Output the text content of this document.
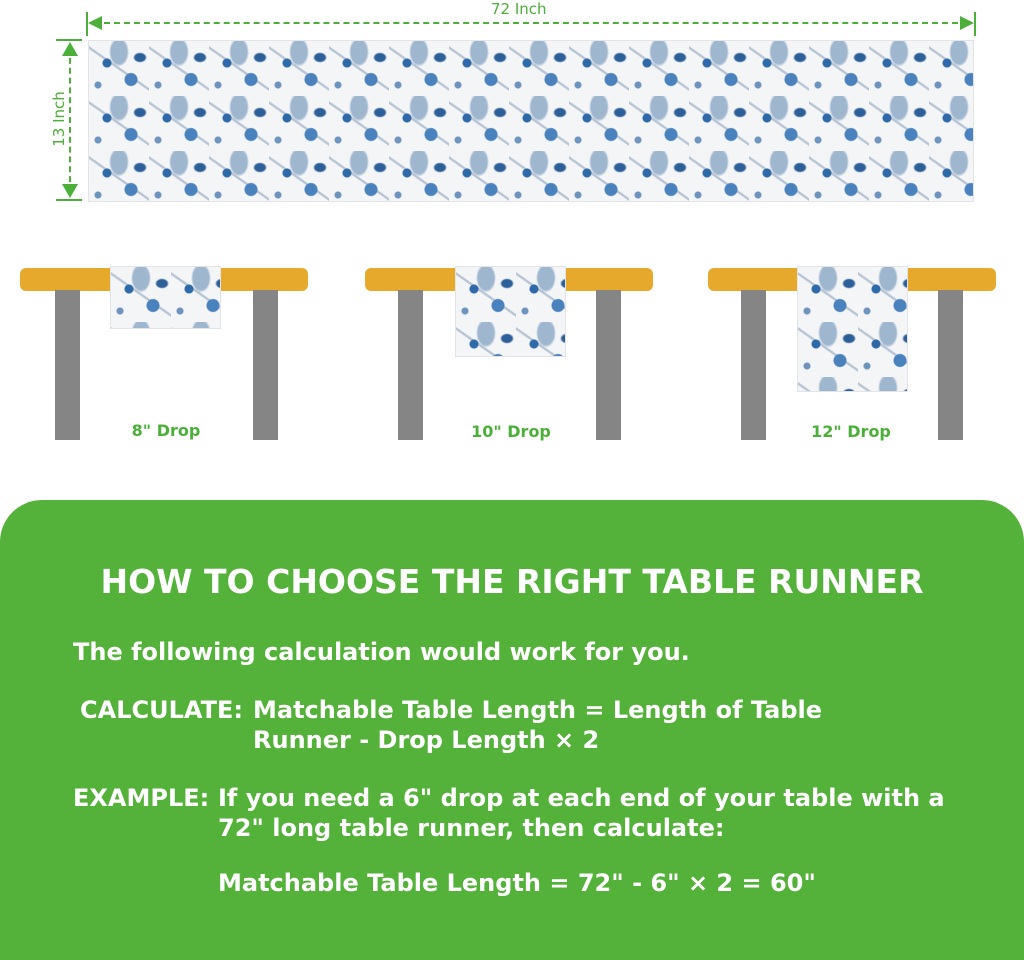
72 Inch
13 Inch
8" Drop	10" Drop	12" Drop
HOW TO CHOOSE THE RIGHT TABLE RUNNER
The following calculation would work for you.
CALCULATE: Matchable Table Length = Length of Table
Runner - Drop Length × 2
EXAMPLE: If you need a 6" drop at each end of your table with a
72" long table runner, then calculate:
Matchable Table Length = 72" - 6" × 2 = 60"
